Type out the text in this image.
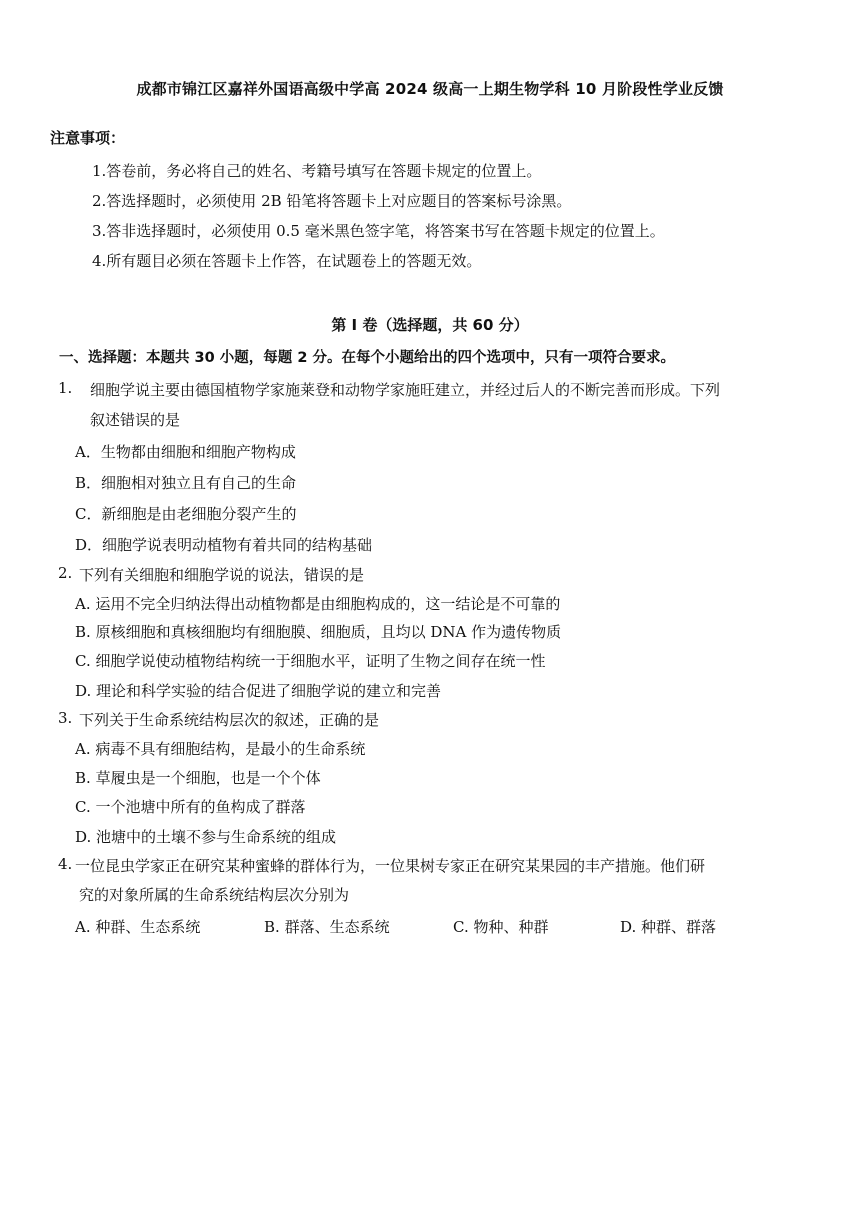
成都市锦江区嘉祥外国语高级中学高 2024 级高一上期生物学科 10 月阶段性学业反馈
注意事项：
1.答卷前，务必将自己的姓名、考籍号填写在答题卡规定的位置上。
2.答选择题时，必须使用 2B 铅笔将答题卡上对应题目的答案标号涂黑。
3.答非选择题时，必须使用 0.5 毫米黑色签字笔，将答案书写在答题卡规定的位置上。
4.所有题目必须在答题卡上作答，在试题卷上的答题无效。
第 I 卷（选择题，共 60 分）
一、选择题：本题共 30 小题，每题 2 分。在每个小题给出的四个选项中，只有一项符合要求。
1. 细胞学说主要由德国植物学家施莱登和动物学家施旺建立，并经过后人的不断完善而形成。下列
叙述错误的是
A．生物都由细胞和细胞产物构成
B．细胞相对独立且有自己的生命
C．新细胞是由老细胞分裂产生的
D．细胞学说表明动植物有着共同的结构基础
2. 下列有关细胞和细胞学说的说法，错误的是
A. 运用不完全归纳法得出动植物都是由细胞构成的，这一结论是不可靠的
B. 原核细胞和真核细胞均有细胞膜、细胞质，且均以 DNA 作为遗传物质
C. 细胞学说使动植物结构统一于细胞水平，证明了生物之间存在统一性
D. 理论和科学实验的结合促进了细胞学说的建立和完善
3. 下列关于生命系统结构层次的叙述，正确的是
A. 病毒不具有细胞结构，是最小的生命系统
B. 草履虫是一个细胞，也是一个个体
C. 一个池塘中所有的鱼构成了群落
D. 池塘中的土壤不参与生命系统的组成
4. 一位昆虫学家正在研究某种蜜蜂的群体行为，一位果树专家正在研究某果园的丰产措施。他们研
究的对象所属的生命系统结构层次分别为
A. 种群、生态系统	B. 群落、生态系统	C. 物种、种群	D. 种群、群落
